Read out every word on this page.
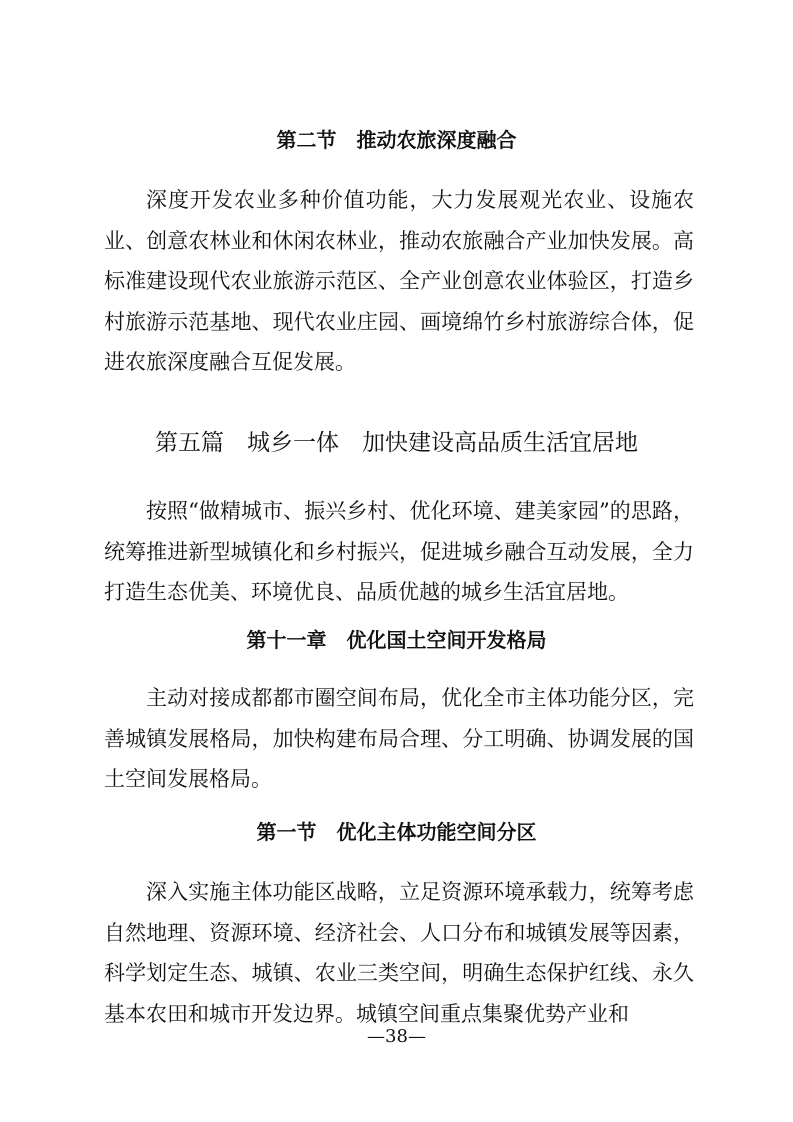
第二节　推动农旅深度融合

深度开发农业多种价值功能，大力发展观光农业、设施农业、创意农林业和休闲农林业，推动农旅融合产业加快发展。高标准建设现代农业旅游示范区、全产业创意农业体验区，打造乡村旅游示范基地、现代农业庄园、画境绵竹乡村旅游综合体，促进农旅深度融合互促发展。

第五篇　城乡一体　加快建设高品质生活宜居地

按照“做精城市、振兴乡村、优化环境、建美家园”的思路，统筹推进新型城镇化和乡村振兴，促进城乡融合互动发展，全力打造生态优美、环境优良、品质优越的城乡生活宜居地。

第十一章　优化国土空间开发格局

主动对接成都都市圈空间布局，优化全市主体功能分区，完善城镇发展格局，加快构建布局合理、分工明确、协调发展的国土空间发展格局。

第一节　优化主体功能空间分区

深入实施主体功能区战略，立足资源环境承载力，统筹考虑自然地理、资源环境、经济社会、人口分布和城镇发展等因素，科学划定生态、城镇、农业三类空间，明确生态保护红线、永久基本农田和城市开发边界。城镇空间重点集聚优势产业和

—38—
